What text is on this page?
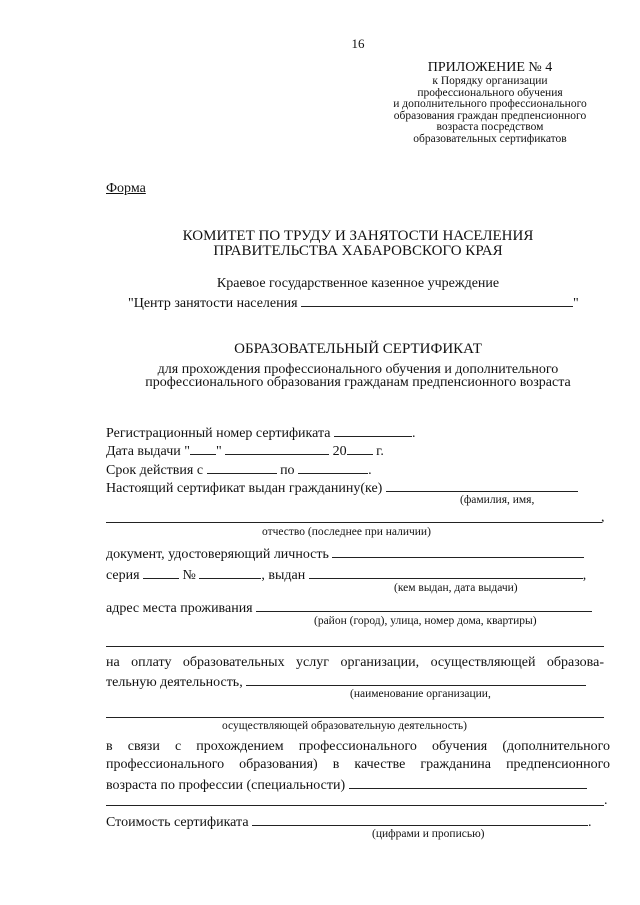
16
ПРИЛОЖЕНИЕ № 4
к Порядку организации
профессионального обучения
и дополнительного профессионального
образования граждан предпенсионного
возраста посредством
образовательных сертификатов
Форма
КОМИТЕТ ПО ТРУДУ И ЗАНЯТОСТИ НАСЕЛЕНИЯ
ПРАВИТЕЛЬСТВА ХАБАРОВСКОГО КРАЯ
Краевое государственное казенное учреждение
"Центр занятости населения	"
ОБРАЗОВАТЕЛЬНЫЙ СЕРТИФИКАТ
для прохождения профессионального обучения и дополнительного
профессионального образования гражданам предпенсионного возраста
Регистрационный номер сертификата	.
Дата выдачи " "	20 г.
Срок действия с	по	.
Настоящий сертификат выдан гражданину(ке)
(фамилия, имя,
,
отчество (последнее при наличии)
документ, удостоверяющий личность
серия	№	, выдан	,
(кем выдан, дата выдачи)
адрес места проживания
(район (город), улица, номер дома, квартиры)
на оплату образовательных услуг организации, осуществляющей образова-
тельную деятельность,
(наименование организации,
осуществляющей образовательную деятельность)
в связи с прохождением профессионального обучения (дополнительного
профессионального образования) в качестве гражданина предпенсионного
возраста по профессии (специальности)
.
Стоимость сертификата	.
(цифрами и прописью)
